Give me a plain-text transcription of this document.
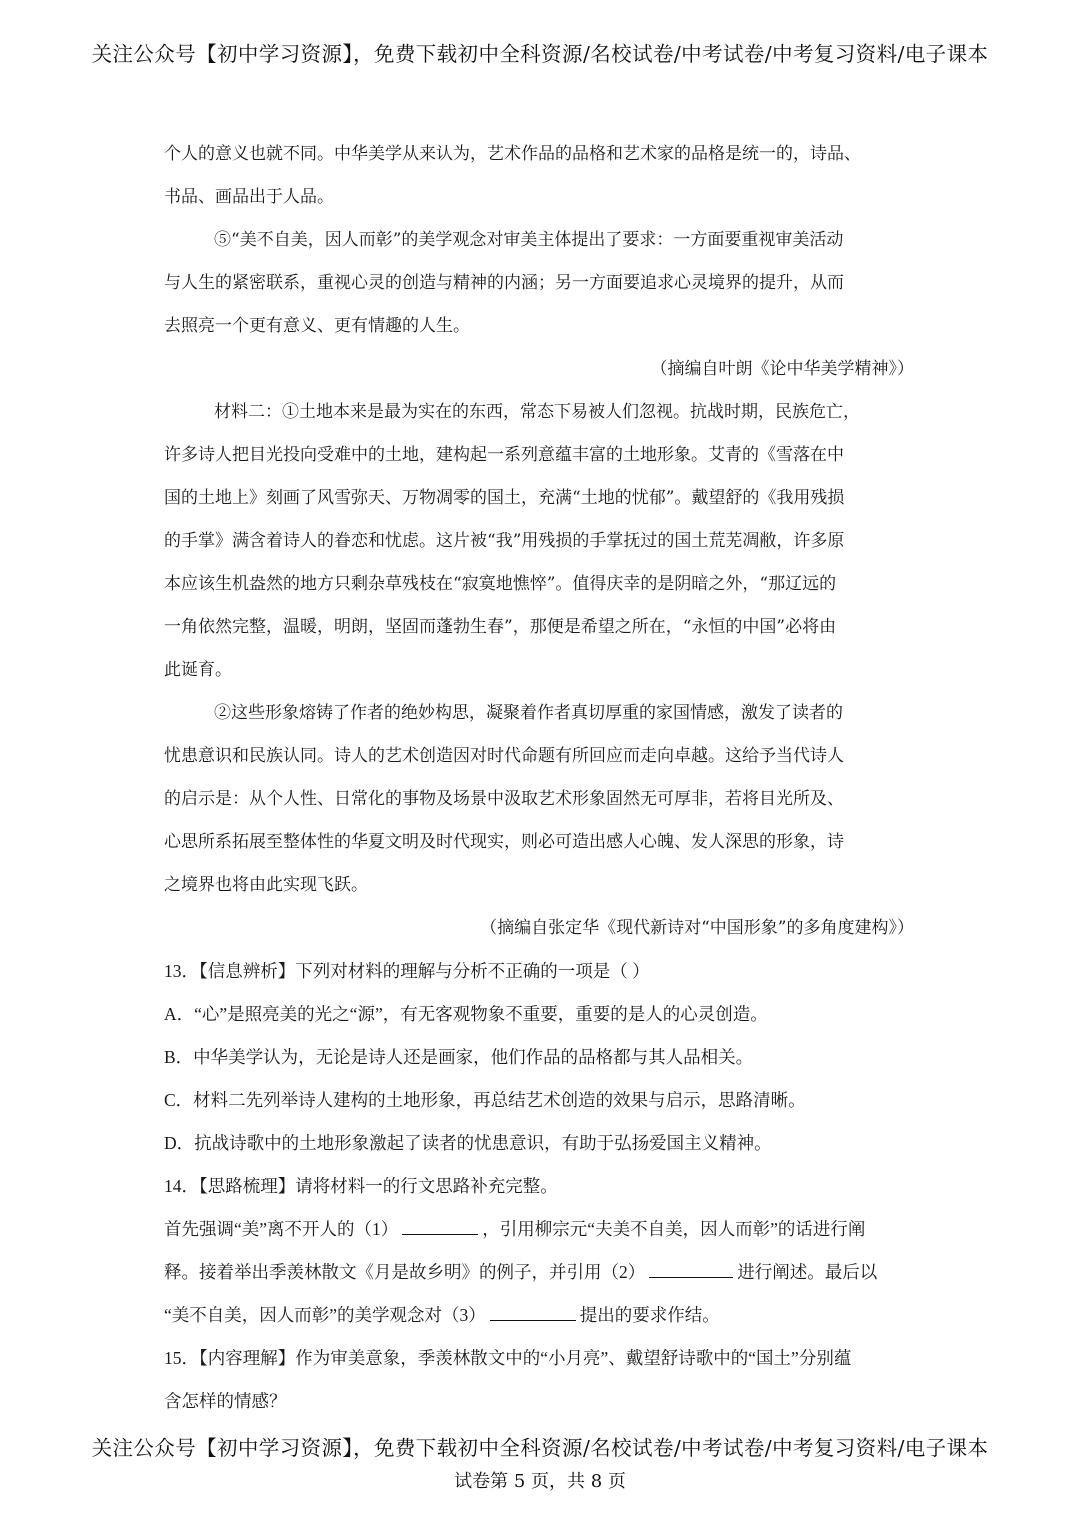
关注公众号【初中学习资源】，免费下载初中全科资源/名校试卷/中考试卷/中考复习资料/电子课本
个人的意义也就不同。中华美学从来认为，艺术作品的品格和艺术家的品格是统一的，诗品、
书品、画品出于人品。
⑤“美不自美，因人而彰”的美学观念对审美主体提出了要求：一方面要重视审美活动
与人生的紧密联系，重视心灵的创造与精神的内涵；另一方面要追求心灵境界的提升，从而
去照亮一个更有意义、更有情趣的人生。
（摘编自叶朗《论中华美学精神》）
材料二：①土地本来是最为实在的东西，常态下易被人们忽视。抗战时期，民族危亡，
许多诗人把目光投向受难中的土地，建构起一系列意蕴丰富的土地形象。艾青的《雪落在中
国的土地上》刻画了风雪弥天、万物凋零的国土，充满“土地的忧郁”。戴望舒的《我用残损
的手掌》满含着诗人的眷恋和忧虑。这片被“我”用残损的手掌抚过的国土荒芜凋敝，许多原
本应该生机盎然的地方只剩杂草残枝在“寂寞地憔悴”。值得庆幸的是阴暗之外，“那辽远的
一角依然完整，温暖，明朗，坚固而蓬勃生春”，那便是希望之所在，“永恒的中国”必将由
此诞育。
②这些形象熔铸了作者的绝妙构思，凝聚着作者真切厚重的家国情感，激发了读者的
忧患意识和民族认同。诗人的艺术创造因对时代命题有所回应而走向卓越。这给予当代诗人
的启示是：从个人性、日常化的事物及场景中汲取艺术形象固然无可厚非，若将目光所及、
心思所系拓展至整体性的华夏文明及时代现实，则必可造出感人心魄、发人深思的形象，诗
之境界也将由此实现飞跃。
（摘编自张定华《现代新诗对“中国形象”的多角度建构》）
13．【信息辨析】下列对材料的理解与分析不正确的一项是（ ）
A．“心”是照亮美的光之“源”，有无客观物象不重要，重要的是人的心灵创造。
B．中华美学认为，无论是诗人还是画家，他们作品的品格都与其人品相关。
C．材料二先列举诗人建构的土地形象，再总结艺术创造的效果与启示，思路清晰。
D．抗战诗歌中的土地形象激起了读者的忧患意识，有助于弘扬爱国主义精神。
14．【思路梳理】请将材料一的行文思路补充完整。
首先强调“美”离不开人的（1）	，引用柳宗元“夫美不自美，因人而彰”的话进行阐
释。接着举出季羡林散文《月是故乡明》的例子，并引用（2）	进行阐述。最后以
“美不自美，因人而彰”的美学观念对（3）	提出的要求作结。
15．【内容理解】作为审美意象，季羡林散文中的“小月亮”、戴望舒诗歌中的“国土”分别蕴
含怎样的情感？
关注公众号【初中学习资源】，免费下载初中全科资源/名校试卷/中考试卷/中考复习资料/电子课本
试卷第 5 页，共 8 页
